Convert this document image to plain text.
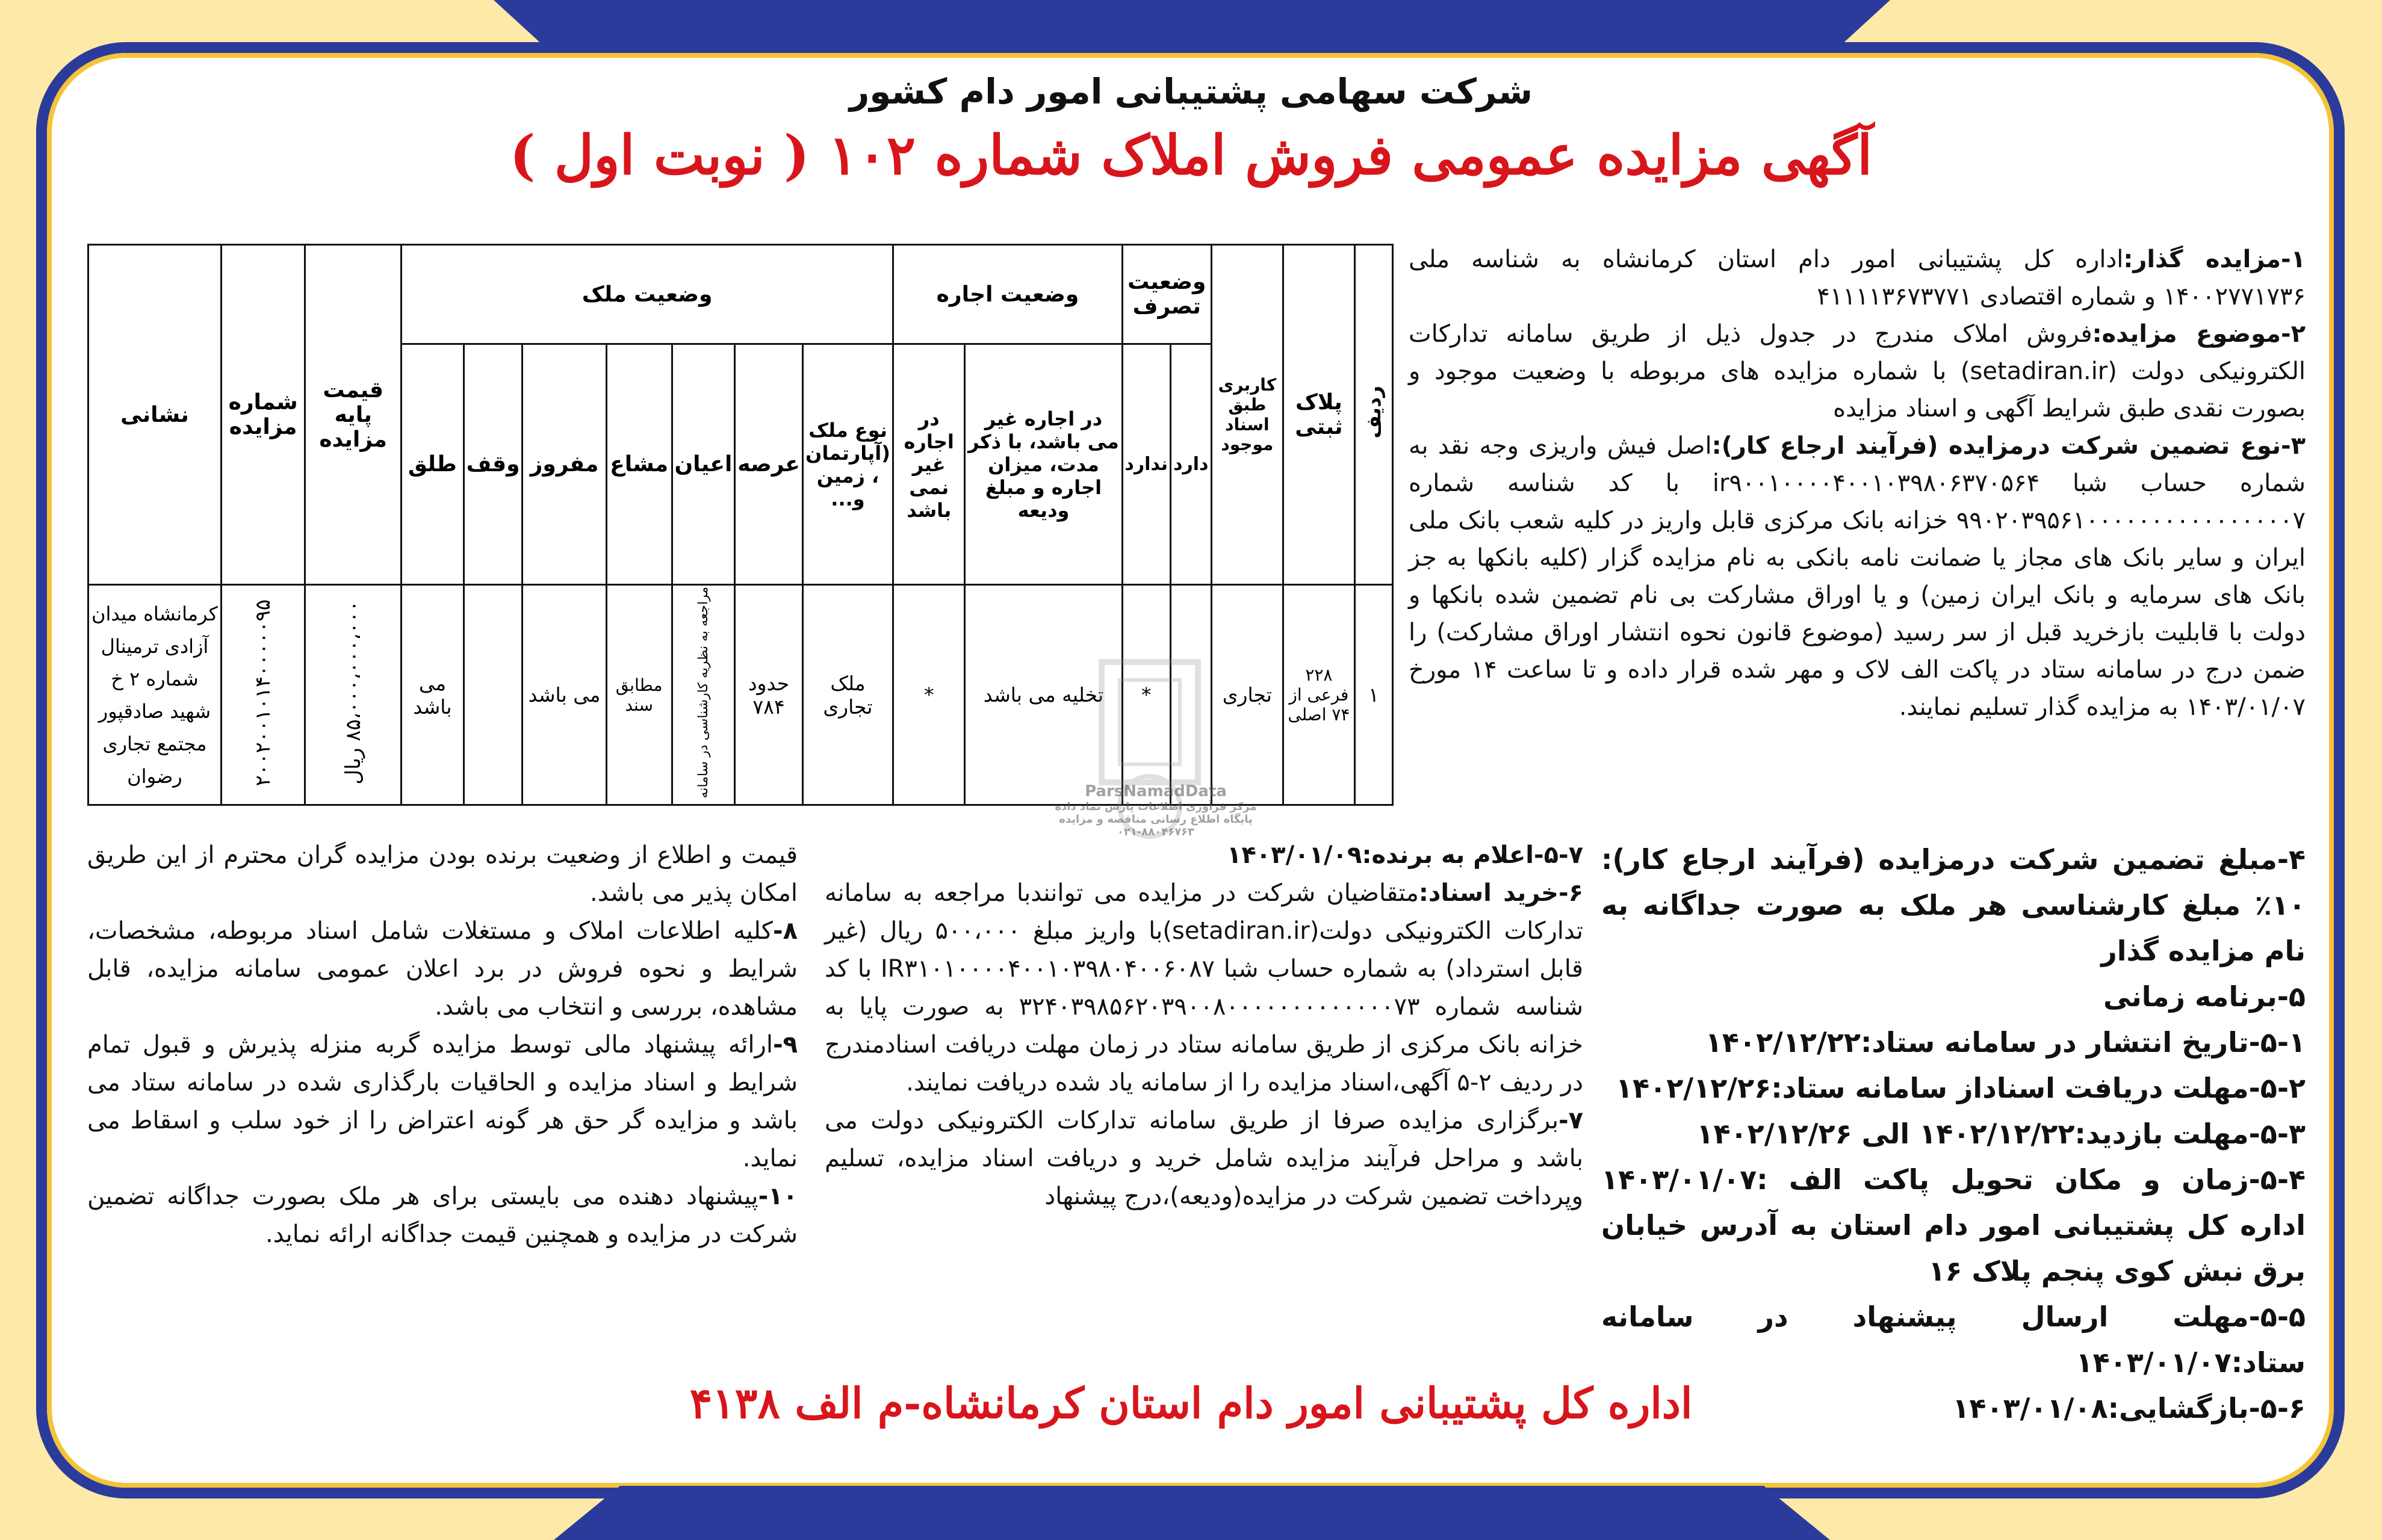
شرکت سهامی پشتیبانی امور دام کشور
آگهی مزایده عمومی فروش املاک شماره ۱۰۲ ( نوبت اول )
۱-مزایده گذار:اداره کل پشتیبانی امور دام استان کرمانشاه به شناسه ملی ۱۴۰۰۲۷۷۱۷۳۶ و شماره اقتصادی ۴۱۱۱۱۳۶۷۳۷۷۱
۲-موضوع مزایده:فروش املاک مندرج در جدول ذیل از طریق سامانه تدارکات الکترونیکی دولت (setadiran.ir) با شماره مزایده های مربوطه با وضعیت موجود و بصورت نقدی طبق شرایط آگهی و اسناد مزایده
۳-نوع تضمین شرکت درمزایده (فرآیند ارجاع کار):اصل فیش واریزی وجه نقد به شماره حساب شبا ir۹۰۰۱۰۰۰۰۴۰۰۱۰۳۹۸۰۶۳۷۰۵۶۴ با کد شناسه شماره ۹۹۰۲۰۳۹۵۶۱۰۰۰۰۰۰۰۰۰۰۰۰۰۰۰۰۷ خزانه بانک مرکزی قابل واریز در کلیه شعب بانک ملی ایران و سایر بانک های مجاز یا ضمانت نامه بانکی به نام مزایده گزار (کلیه بانکها به جز بانک های سرمایه و بانک ایران زمین) و یا اوراق مشارکت بی نام تضمین شده بانکها و دولت با قابلیت بازخرید قبل از سر رسید (موضوع قانون نحوه انتشار اوراق مشارکت) را ضمن درج در سامانه ستاد در پاکت الف لاک و مهر شده قرار داده و تا ساعت ۱۴ مورخ ۱۴۰۳/۰۱/۰۷ به مزایده گذار تسلیم نمایند.
ردیف	پلاک ثبتی	کاربری طبق اسناد موجود	وضعیت تصرف		وضعیت اجاره		وضعیت ملک							قیمت پایه مزایده	شماره مزایده	نشانی
			دارد	ندارد	در اجاره غیر می باشد، با ذکر مدت، میزان اجاره و مبلغ ودیعه	در اجاره غیر نمی باشد	نوع ملک (آپارتمان ، زمین و...	عرصه	اعیان	مشاع	مفروز	وقف	طلق			
۱	۲۲۸ فرعی از ۷۴ اصلی	تجاری		*	تخلیه می باشد	*	ملک تجاری	حدود ۷۸۴	مراجعه به نظریه کارشناسی در سامانه	مطابق سند	می باشد		می باشد	۸۵،۰۰۰،۰۰۰،۰۰۰ ریال	۲۰۰۲۰۰۱۰۱۴۰۰۰۰۰۹۵	کرمانشاه میدان آزادی ترمینال شماره ۲ خ شهید صادقپور مجتمع تجاری رضوان
ParsNamadData
مرکز فرآوری اطلاعات پارس نماد داده
پایگاه اطلاع رسانی مناقصه و مزایده
۰۲۱-۸۸۰۴۶۷۶۳
۴-مبلغ تضمین شرکت درمزایده (فرآیند ارجاع کار): ۱۰٪ مبلغ کارشناسی هر ملک به صورت جداگانه به نام مزایده گذار
۵-برنامه زمانی
۵-۱-تاریخ انتشار در سامانه ستاد:۱۴۰۲/۱۲/۲۲
۵-۲-مهلت دریافت اسناداز سامانه ستاد:۱۴۰۲/۱۲/۲۶
۵-۳-مهلت بازدید:۱۴۰۲/۱۲/۲۲ الی ۱۴۰۲/۱۲/۲۶
۵-۴-زمان و مکان تحویل پاکت الف :۱۴۰۳/۰۱/۰۷ اداره کل پشتیبانی امور دام استان به آدرس خیابان برق نبش کوی پنجم پلاک ۱۶
۵-۵-مهلت ارسال پیشنهاد در سامانه ستاد:۱۴۰۳/۰۱/۰۷
۵-۶-بازگشایی:۱۴۰۳/۰۱/۰۸
۵-۷-اعلام به برنده:۱۴۰۳/۰۱/۰۹
۶-خرید اسناد:متقاضیان شرکت در مزایده می توانندبا مراجعه به سامانه تدارکات الکترونیکی دولت(setadiran.ir)با واریز مبلغ ۵۰۰،۰۰۰ ریال (غیر قابل استرداد) به شماره حساب شبا IR۳۱۰۱۰۰۰۰۴۰۰۱۰۳۹۸۰۴۰۰۶۰۸۷ با کد شناسه شماره ۳۲۴۰۳۹۸۵۶۲۰۳۹۰۰۸۰۰۰۰۰۰۰۰۰۰۰۰۰۷۳ به صورت پایا به خزانه بانک مرکزی از طریق سامانه ستاد در زمان مهلت دریافت اسنادمندرج در ردیف ۲-۵ آگهی،اسناد مزایده را از سامانه یاد شده دریافت نمایند.
۷-برگزاری مزایده صرفا از طریق سامانه تدارکات الکترونیکی دولت می باشد و مراحل فرآیند مزایده شامل خرید و دریافت اسناد مزایده، تسلیم وپرداخت تضمین شرکت در مزایده(ودیعه)،درج پیشنهاد
قیمت و اطلاع از وضعیت برنده بودن مزایده گران محترم از این طریق امکان پذیر می باشد.
۸-کلیه اطلاعات املاک و مستغلات شامل اسناد مربوطه، مشخصات، شرایط و نحوه فروش در برد اعلان عمومی سامانه مزایده، قابل مشاهده، بررسی و انتخاب می باشد.
۹-ارائه پیشنهاد مالی توسط مزایده گربه منزله پذیرش و قبول تمام شرایط و اسناد مزایده و الحاقیات بارگذاری شده در سامانه ستاد می باشد و مزایده گر حق هر گونه اعتراض را از خود سلب و اسقاط می نماید.
۱۰-پیشنهاد دهنده می بایستی برای هر ملک بصورت جداگانه تضمین شرکت در مزایده و همچنین قیمت جداگانه ارائه نماید.
اداره کل پشتیبانی امور دام استان کرمانشاه-م الف ۴۱۳۸
